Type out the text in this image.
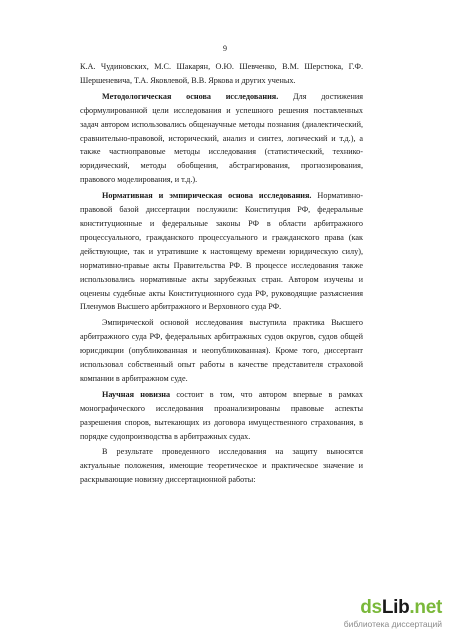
9

К.А. Чудиновских, М.С. Шакарян, О.Ю. Шевченко, В.М. Шерстюка, Г.Ф. Шершеневича, Т.А. Яковлевой, В.В. Ярковa и других ученых.

Методологическая основа исследования. Для достижения сформулированной цели исследования и успешного решения поставленных задач автором использовались общенаучные методы познания (диалектический, сравнительно-правовой, исторический, анализ и синтез, логический и т.д.), а также частноправовые методы исследования (статистический, технико-юридический, методы обобщения, абстрагирования, прогнозирования, правового моделирования, и т.д.).

Нормативная и эмпирическая основа исследования. Нормативно-правовой базой диссертации послужили: Конституция РФ, федеральные конституционные и федеральные законы РФ в области арбитражного процессуального, гражданского процессуального и гражданского права (как действующие, так и утратившие к настоящему времени юридическую силу), нормативно-правые акты Правительства РФ. В процессе исследования также использовались нормативные акты зарубежных стран. Автором изучены и оценены судебные акты Конституционного суда РФ, руководящие разъяснения Пленумов Высшего арбитражного и Верховного суда РФ.

Эмпирической основой исследования выступила практика Высшего арбитражного суда РФ, федеральных арбитражных судов округов, судов общей юрисдикции (опубликованная и неопубликованная). Кроме того, диссертант использовал собственный опыт работы в качестве представителя страховой компании в арбитражном суде.

Научная новизна состоит в том, что автором впервые в рамках монографического исследования проанализированы правовые аспекты разрешения споров, вытекающих из договора имущественного страхования, в порядке судопроизводства в арбитражных судах.

В результате проведенного исследования на защиту выносятся актуальные положения, имеющие теоретическое и практическое значение и раскрывающие новизну диссертационной работы:

dsLib.net
библиотека диссертаций
